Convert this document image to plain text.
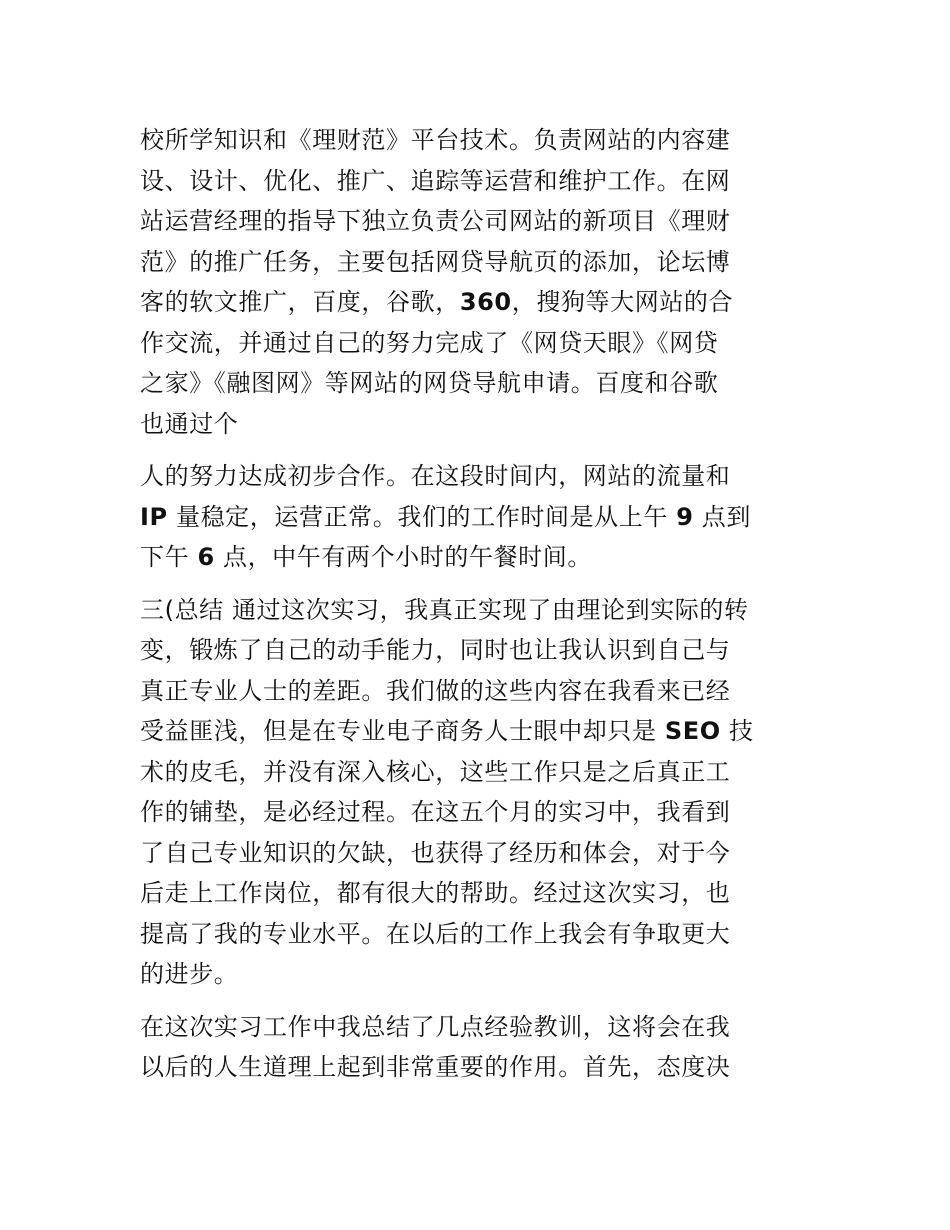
校所学知识和《理财范》平台技术。负责网站的内容建
设、设计、优化、推广、追踪等运营和维护工作。在网
站运营经理的指导下独立负责公司网站的新项目《理财
范》的推广任务，主要包括网贷导航页的添加，论坛博
客的软文推广，百度，谷歌，360，搜狗等大网站的合
作交流，并通过自己的努力完成了《网贷天眼》《网贷
之家》《融图网》等网站的网贷导航申请。百度和谷歌
也通过个
人的努力达成初步合作。在这段时间内，网站的流量和
IP 量稳定，运营正常。我们的工作时间是从上午 9 点到
下午 6 点，中午有两个小时的午餐时间。
三(总结 通过这次实习，我真正实现了由理论到实际的转
变，锻炼了自己的动手能力，同时也让我认识到自己与
真正专业人士的差距。我们做的这些内容在我看来已经
受益匪浅，但是在专业电子商务人士眼中却只是 SEO 技
术的皮毛，并没有深入核心，这些工作只是之后真正工
作的铺垫，是必经过程。在这五个月的实习中，我看到
了自己专业知识的欠缺，也获得了经历和体会，对于今
后走上工作岗位，都有很大的帮助。经过这次实习，也
提高了我的专业水平。在以后的工作上我会有争取更大
的进步。
在这次实习工作中我总结了几点经验教训，这将会在我
以后的人生道理上起到非常重要的作用。首先，态度决
